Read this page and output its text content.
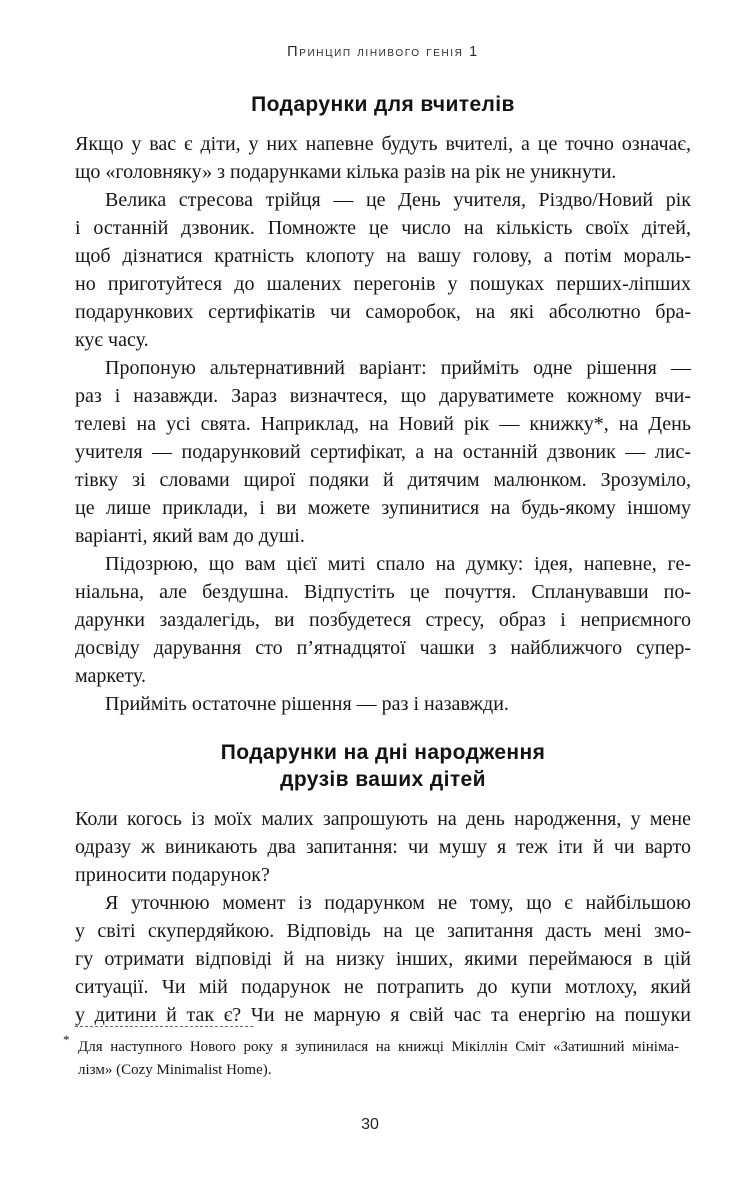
Принцип лінивого генія 1
Подарунки для вчителів
Якщо у вас є діти, у них напевне будуть вчителі, а це точно означає,
що «головняку» з подарунками кілька разів на рік не уникнути.
Велика стресова трійця — це День учителя, Різдво/Новий рік
і останній дзвоник. Помножте це число на кількість своїх дітей,
щоб дізнатися кратність клопоту на вашу голову, а потім мораль-
но приготуйтеся до шалених перегонів у пошуках перших-ліпших
подарункових сертифікатів чи саморобок, на які абсолютно бра-
кує часу.
Пропоную альтернативний варіант: прийміть одне рішення —
раз і назавжди. Зараз визначтеся, що даруватимете кожному вчи-
телеві на усі свята. Наприклад, на Новий рік — книжку*, на День
учителя — подарунковий сертифікат, а на останній дзвоник — лис-
тівку зі словами щирої подяки й дитячим малюнком. Зрозуміло,
це лише приклади, і ви можете зупинитися на будь-якому іншому
варіанті, який вам до душі.
Підозрюю, що вам цієї миті спало на думку: ідея, напевне, ге-
ніальна, але бездушна. Відпустіть це почуття. Спланувавши по-
дарунки заздалегідь, ви позбудетеся стресу, образ і неприємного
досвіду дарування сто п’ятнадцятої чашки з найближчого супер-
маркету.
Прийміть остаточне рішення — раз і назавжди.
Подарунки на дні народження
друзів ваших дітей
Коли когось із моїх малих запрошують на день народження, у мене
одразу ж виникають два запитання: чи мушу я теж іти й чи варто
приносити подарунок?
Я уточнюю момент із подарунком не тому, що є найбільшою
у світі скупердяйкою. Відповідь на це запитання дасть мені змо-
гу отримати відповіді й на низку інших, якими переймаюся в цій
ситуації. Чи мій подарунок не потрапить до купи мотлоху, який
у дитини й так є? Чи не марную я свій час та енергію на пошуки
* Для наступного Нового року я зупинилася на книжці Мікіллін Сміт «Затишний мініма-
лізм» (Cozy Minimalist Home).
30
